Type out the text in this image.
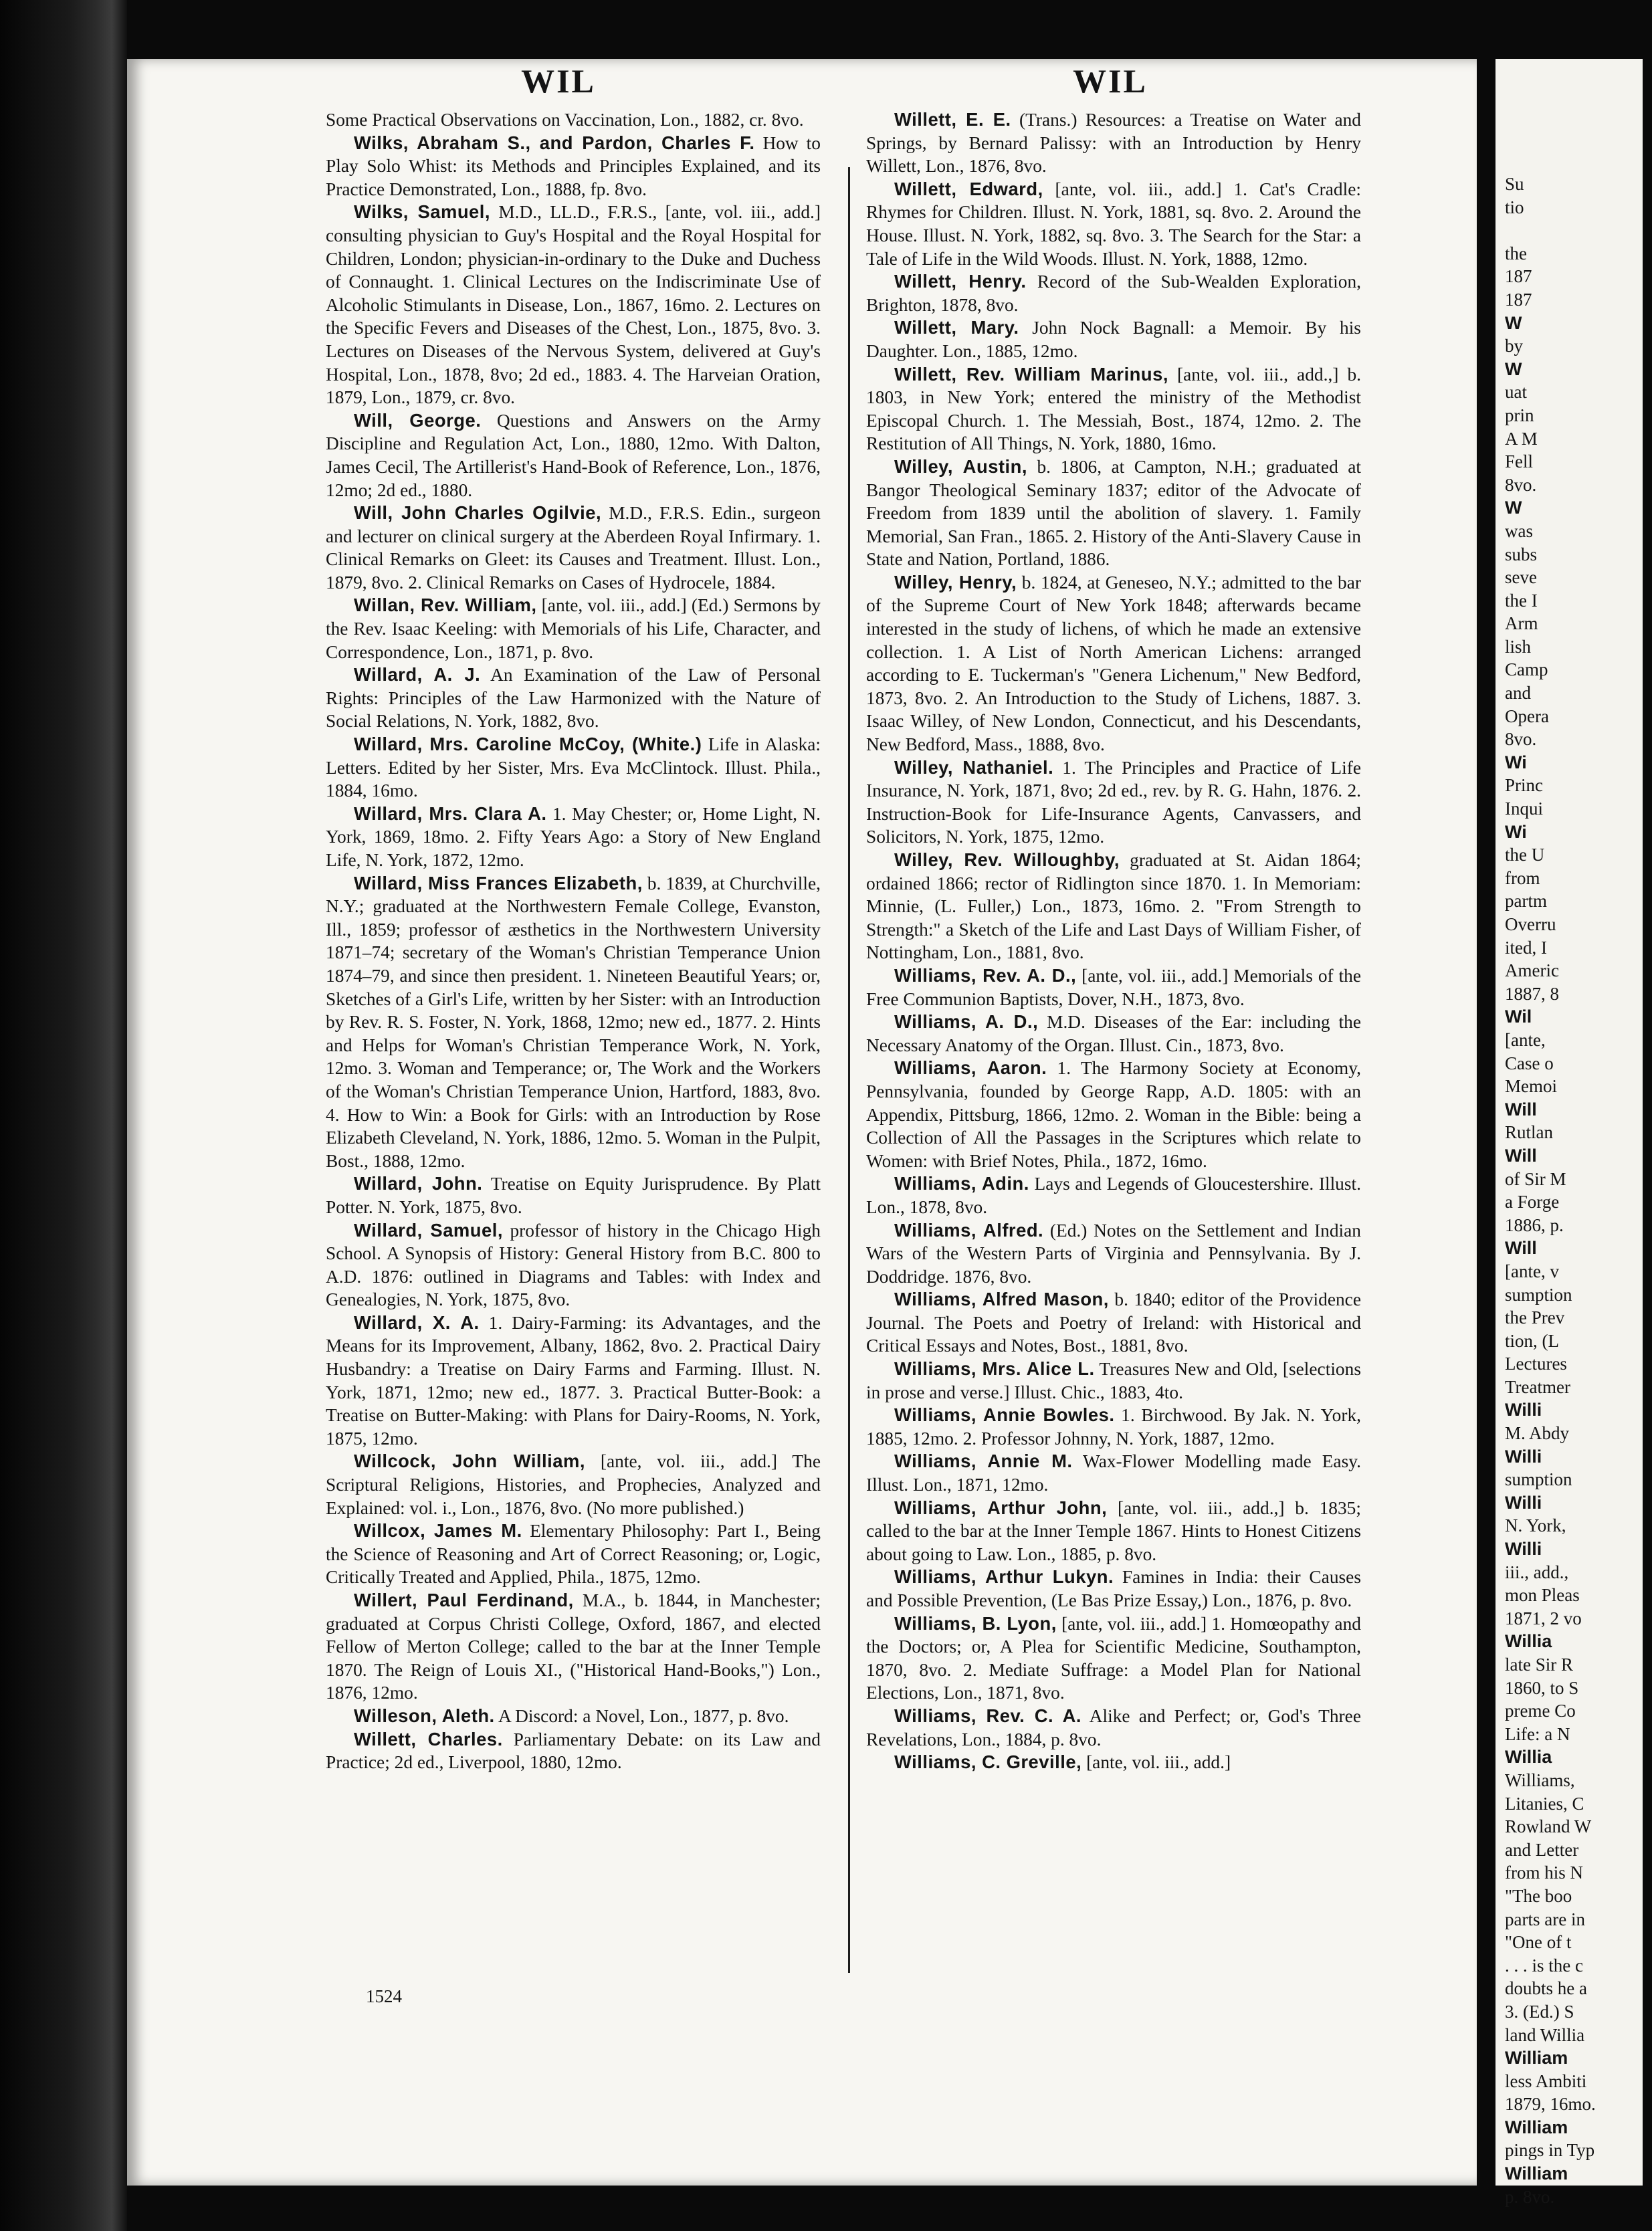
WIL	WIL

Some Practical Observations on Vaccination, Lon., 1882, cr. 8vo.

Wilks, Abraham S., and Pardon, Charles F. How to Play Solo Whist: its Methods and Principles Explained, and its Practice Demonstrated, Lon., 1888, fp. 8vo.

Wilks, Samuel, M.D., LL.D., F.R.S., [ante, vol. iii., add.] consulting physician to Guy's Hospital and the Royal Hospital for Children, London; physician-in-ordinary to the Duke and Duchess of Connaught. 1. Clinical Lectures on the Indiscriminate Use of Alcoholic Stimulants in Disease, Lon., 1867, 16mo. 2. Lectures on the Specific Fevers and Diseases of the Chest, Lon., 1875, 8vo. 3. Lectures on Diseases of the Nervous System, delivered at Guy's Hospital, Lon., 1878, 8vo; 2d ed., 1883. 4. The Harveian Oration, 1879, Lon., 1879, cr. 8vo.

Will, George. Questions and Answers on the Army Discipline and Regulation Act, Lon., 1880, 12mo. With Dalton, James Cecil, The Artillerist's Hand-Book of Reference, Lon., 1876, 12mo; 2d ed., 1880.

Will, John Charles Ogilvie, M.D., F.R.S. Edin., surgeon and lecturer on clinical surgery at the Aberdeen Royal Infirmary. 1. Clinical Remarks on Gleet: its Causes and Treatment. Illust. Lon., 1879, 8vo. 2. Clinical Remarks on Cases of Hydrocele, 1884.

Willan, Rev. William, [ante, vol. iii., add.] (Ed.) Sermons by the Rev. Isaac Keeling: with Memorials of his Life, Character, and Correspondence, Lon., 1871, p. 8vo.

Willard, A. J. An Examination of the Law of Personal Rights: Principles of the Law Harmonized with the Nature of Social Relations, N. York, 1882, 8vo.

Willard, Mrs. Caroline McCoy, (White.) Life in Alaska: Letters. Edited by her Sister, Mrs. Eva McClintock. Illust. Phila., 1884, 16mo.

Willard, Mrs. Clara A. 1. May Chester; or, Home Light, N. York, 1869, 18mo. 2. Fifty Years Ago: a Story of New England Life, N. York, 1872, 12mo.

Willard, Miss Frances Elizabeth, b. 1839, at Churchville, N.Y.; graduated at the Northwestern Female College, Evanston, Ill., 1859; professor of æsthetics in the Northwestern University 1871–74; secretary of the Woman's Christian Temperance Union 1874–79, and since then president. 1. Nineteen Beautiful Years; or, Sketches of a Girl's Life, written by her Sister: with an Introduction by Rev. R. S. Foster, N. York, 1868, 12mo; new ed., 1877. 2. Hints and Helps for Woman's Christian Temperance Work, N. York, 12mo. 3. Woman and Temperance; or, The Work and the Workers of the Woman's Christian Temperance Union, Hartford, 1883, 8vo. 4. How to Win: a Book for Girls: with an Introduction by Rose Elizabeth Cleveland, N. York, 1886, 12mo. 5. Woman in the Pulpit, Bost., 1888, 12mo.

Willard, John. Treatise on Equity Jurisprudence. By Platt Potter. N. York, 1875, 8vo.

Willard, Samuel, professor of history in the Chicago High School. A Synopsis of History: General History from B.C. 800 to A.D. 1876: outlined in Diagrams and Tables: with Index and Genealogies, N. York, 1875, 8vo.

Willard, X. A. 1. Dairy-Farming: its Advantages, and the Means for its Improvement, Albany, 1862, 8vo. 2. Practical Dairy Husbandry: a Treatise on Dairy Farms and Farming. Illust. N. York, 1871, 12mo; new ed., 1877. 3. Practical Butter-Book: a Treatise on Butter-Making: with Plans for Dairy-Rooms, N. York, 1875, 12mo.

Willcock, John William, [ante, vol. iii., add.] The Scriptural Religions, Histories, and Prophecies, Analyzed and Explained: vol. i., Lon., 1876, 8vo. (No more published.)

Willcox, James M. Elementary Philosophy: Part I., Being the Science of Reasoning and Art of Correct Reasoning; or, Logic, Critically Treated and Applied, Phila., 1875, 12mo.

Willert, Paul Ferdinand, M.A., b. 1844, in Manchester; graduated at Corpus Christi College, Oxford, 1867, and elected Fellow of Merton College; called to the bar at the Inner Temple 1870. The Reign of Louis XI., ("Historical Hand-Books,") Lon., 1876, 12mo.

Willeson, Aleth. A Discord: a Novel, Lon., 1877, p. 8vo.

Willett, Charles. Parliamentary Debate: on its Law and Practice; 2d ed., Liverpool, 1880, 12mo.

Willett, E. E. (Trans.) Resources: a Treatise on Water and Springs, by Bernard Palissy: with an Introduction by Henry Willett, Lon., 1876, 8vo.

Willett, Edward, [ante, vol. iii., add.] 1. Cat's Cradle: Rhymes for Children. Illust. N. York, 1881, sq. 8vo. 2. Around the House. Illust. N. York, 1882, sq. 8vo. 3. The Search for the Star: a Tale of Life in the Wild Woods. Illust. N. York, 1888, 12mo.

Willett, Henry. Record of the Sub-Wealden Exploration, Brighton, 1878, 8vo.

Willett, Mary. John Nock Bagnall: a Memoir. By his Daughter. Lon., 1885, 12mo.

Willett, Rev. William Marinus, [ante, vol. iii., add.,] b. 1803, in New York; entered the ministry of the Methodist Episcopal Church. 1. The Messiah, Bost., 1874, 12mo. 2. The Restitution of All Things, N. York, 1880, 16mo.

Willey, Austin, b. 1806, at Campton, N.H.; graduated at Bangor Theological Seminary 1837; editor of the Advocate of Freedom from 1839 until the abolition of slavery. 1. Family Memorial, San Fran., 1865. 2. History of the Anti-Slavery Cause in State and Nation, Portland, 1886.

Willey, Henry, b. 1824, at Geneseo, N.Y.; admitted to the bar of the Supreme Court of New York 1848; afterwards became interested in the study of lichens, of which he made an extensive collection. 1. A List of North American Lichens: arranged according to E. Tuckerman's "Genera Lichenum," New Bedford, 1873, 8vo. 2. An Introduction to the Study of Lichens, 1887. 3. Isaac Willey, of New London, Connecticut, and his Descendants, New Bedford, Mass., 1888, 8vo.

Willey, Nathaniel. 1. The Principles and Practice of Life Insurance, N. York, 1871, 8vo; 2d ed., rev. by R. G. Hahn, 1876. 2. Instruction-Book for Life-Insurance Agents, Canvassers, and Solicitors, N. York, 1875, 12mo.

Willey, Rev. Willoughby, graduated at St. Aidan 1864; ordained 1866; rector of Ridlington since 1870. 1. In Memoriam: Minnie, (L. Fuller,) Lon., 1873, 16mo. 2. "From Strength to Strength:" a Sketch of the Life and Last Days of William Fisher, of Nottingham, Lon., 1881, 8vo.

Williams, Rev. A. D., [ante, vol. iii., add.] Memorials of the Free Communion Baptists, Dover, N.H., 1873, 8vo.

Williams, A. D., M.D. Diseases of the Ear: including the Necessary Anatomy of the Organ. Illust. Cin., 1873, 8vo.

Williams, Aaron. 1. The Harmony Society at Economy, Pennsylvania, founded by George Rapp, A.D. 1805: with an Appendix, Pittsburg, 1866, 12mo. 2. Woman in the Bible: being a Collection of All the Passages in the Scriptures which relate to Women: with Brief Notes, Phila., 1872, 16mo.

Williams, Adin. Lays and Legends of Gloucestershire. Illust. Lon., 1878, 8vo.

Williams, Alfred. (Ed.) Notes on the Settlement and Indian Wars of the Western Parts of Virginia and Pennsylvania. By J. Doddridge. 1876, 8vo.

Williams, Alfred Mason, b. 1840; editor of the Providence Journal. The Poets and Poetry of Ireland: with Historical and Critical Essays and Notes, Bost., 1881, 8vo.

Williams, Mrs. Alice L. Treasures New and Old, [selections in prose and verse.] Illust. Chic., 1883, 4to.

Williams, Annie Bowles. 1. Birchwood. By Jak. N. York, 1885, 12mo. 2. Professor Johnny, N. York, 1887, 12mo.

Williams, Annie M. Wax-Flower Modelling made Easy. Illust. Lon., 1871, 12mo.

Williams, Arthur John, [ante, vol. iii., add.,] b. 1835; called to the bar at the Inner Temple 1867. Hints to Honest Citizens about going to Law. Lon., 1885, p. 8vo.

Williams, Arthur Lukyn. Famines in India: their Causes and Possible Prevention, (Le Bas Prize Essay,) Lon., 1876, p. 8vo.

Williams, B. Lyon, [ante, vol. iii., add.] 1. Homœopathy and the Doctors; or, A Plea for Scientific Medicine, Southampton, 1870, 8vo. 2. Mediate Suffrage: a Model Plan for National Elections, Lon., 1871, 8vo.

Williams, Rev. C. A. Alike and Perfect; or, God's Three Revelations, Lon., 1884, p. 8vo.

Williams, C. Greville, [ante, vol. iii., add.]

1524
Su
tio

the
187
187
W
by
W
uat
prin
A M
Fell
8vo.
W
was
subs
seve
the I
Arm
lish
Camp
and
Opera
8vo.
Wi
Princ
Inqui
Wi
the U
from
partm
Overru
ited, I
Americ
1887, 8
Wil
[ante,
Case o
Memoi
Will
Rutlan
Will
of Sir M
a Forge
1886, p.
Will
[ante, v
sumption
the Prev
tion, (L
Lectures
Treatmer
Willi
M. Abdy
Willi
sumption
Willi
N. York,
Willi
iii., add.,
mon Pleas
1871, 2 vo
Willia
late Sir R
1860, to S
preme Co
Life: a N
Willia
Williams,
Litanies, C
Rowland W
and Letter
from his N
"The boo
parts are in
"One of t
. . . is the c
doubts he a
3. (Ed.) S
land Willia
William
less Ambiti
1879, 16mo.
William
pings in Typ
William
p. 8vo.
